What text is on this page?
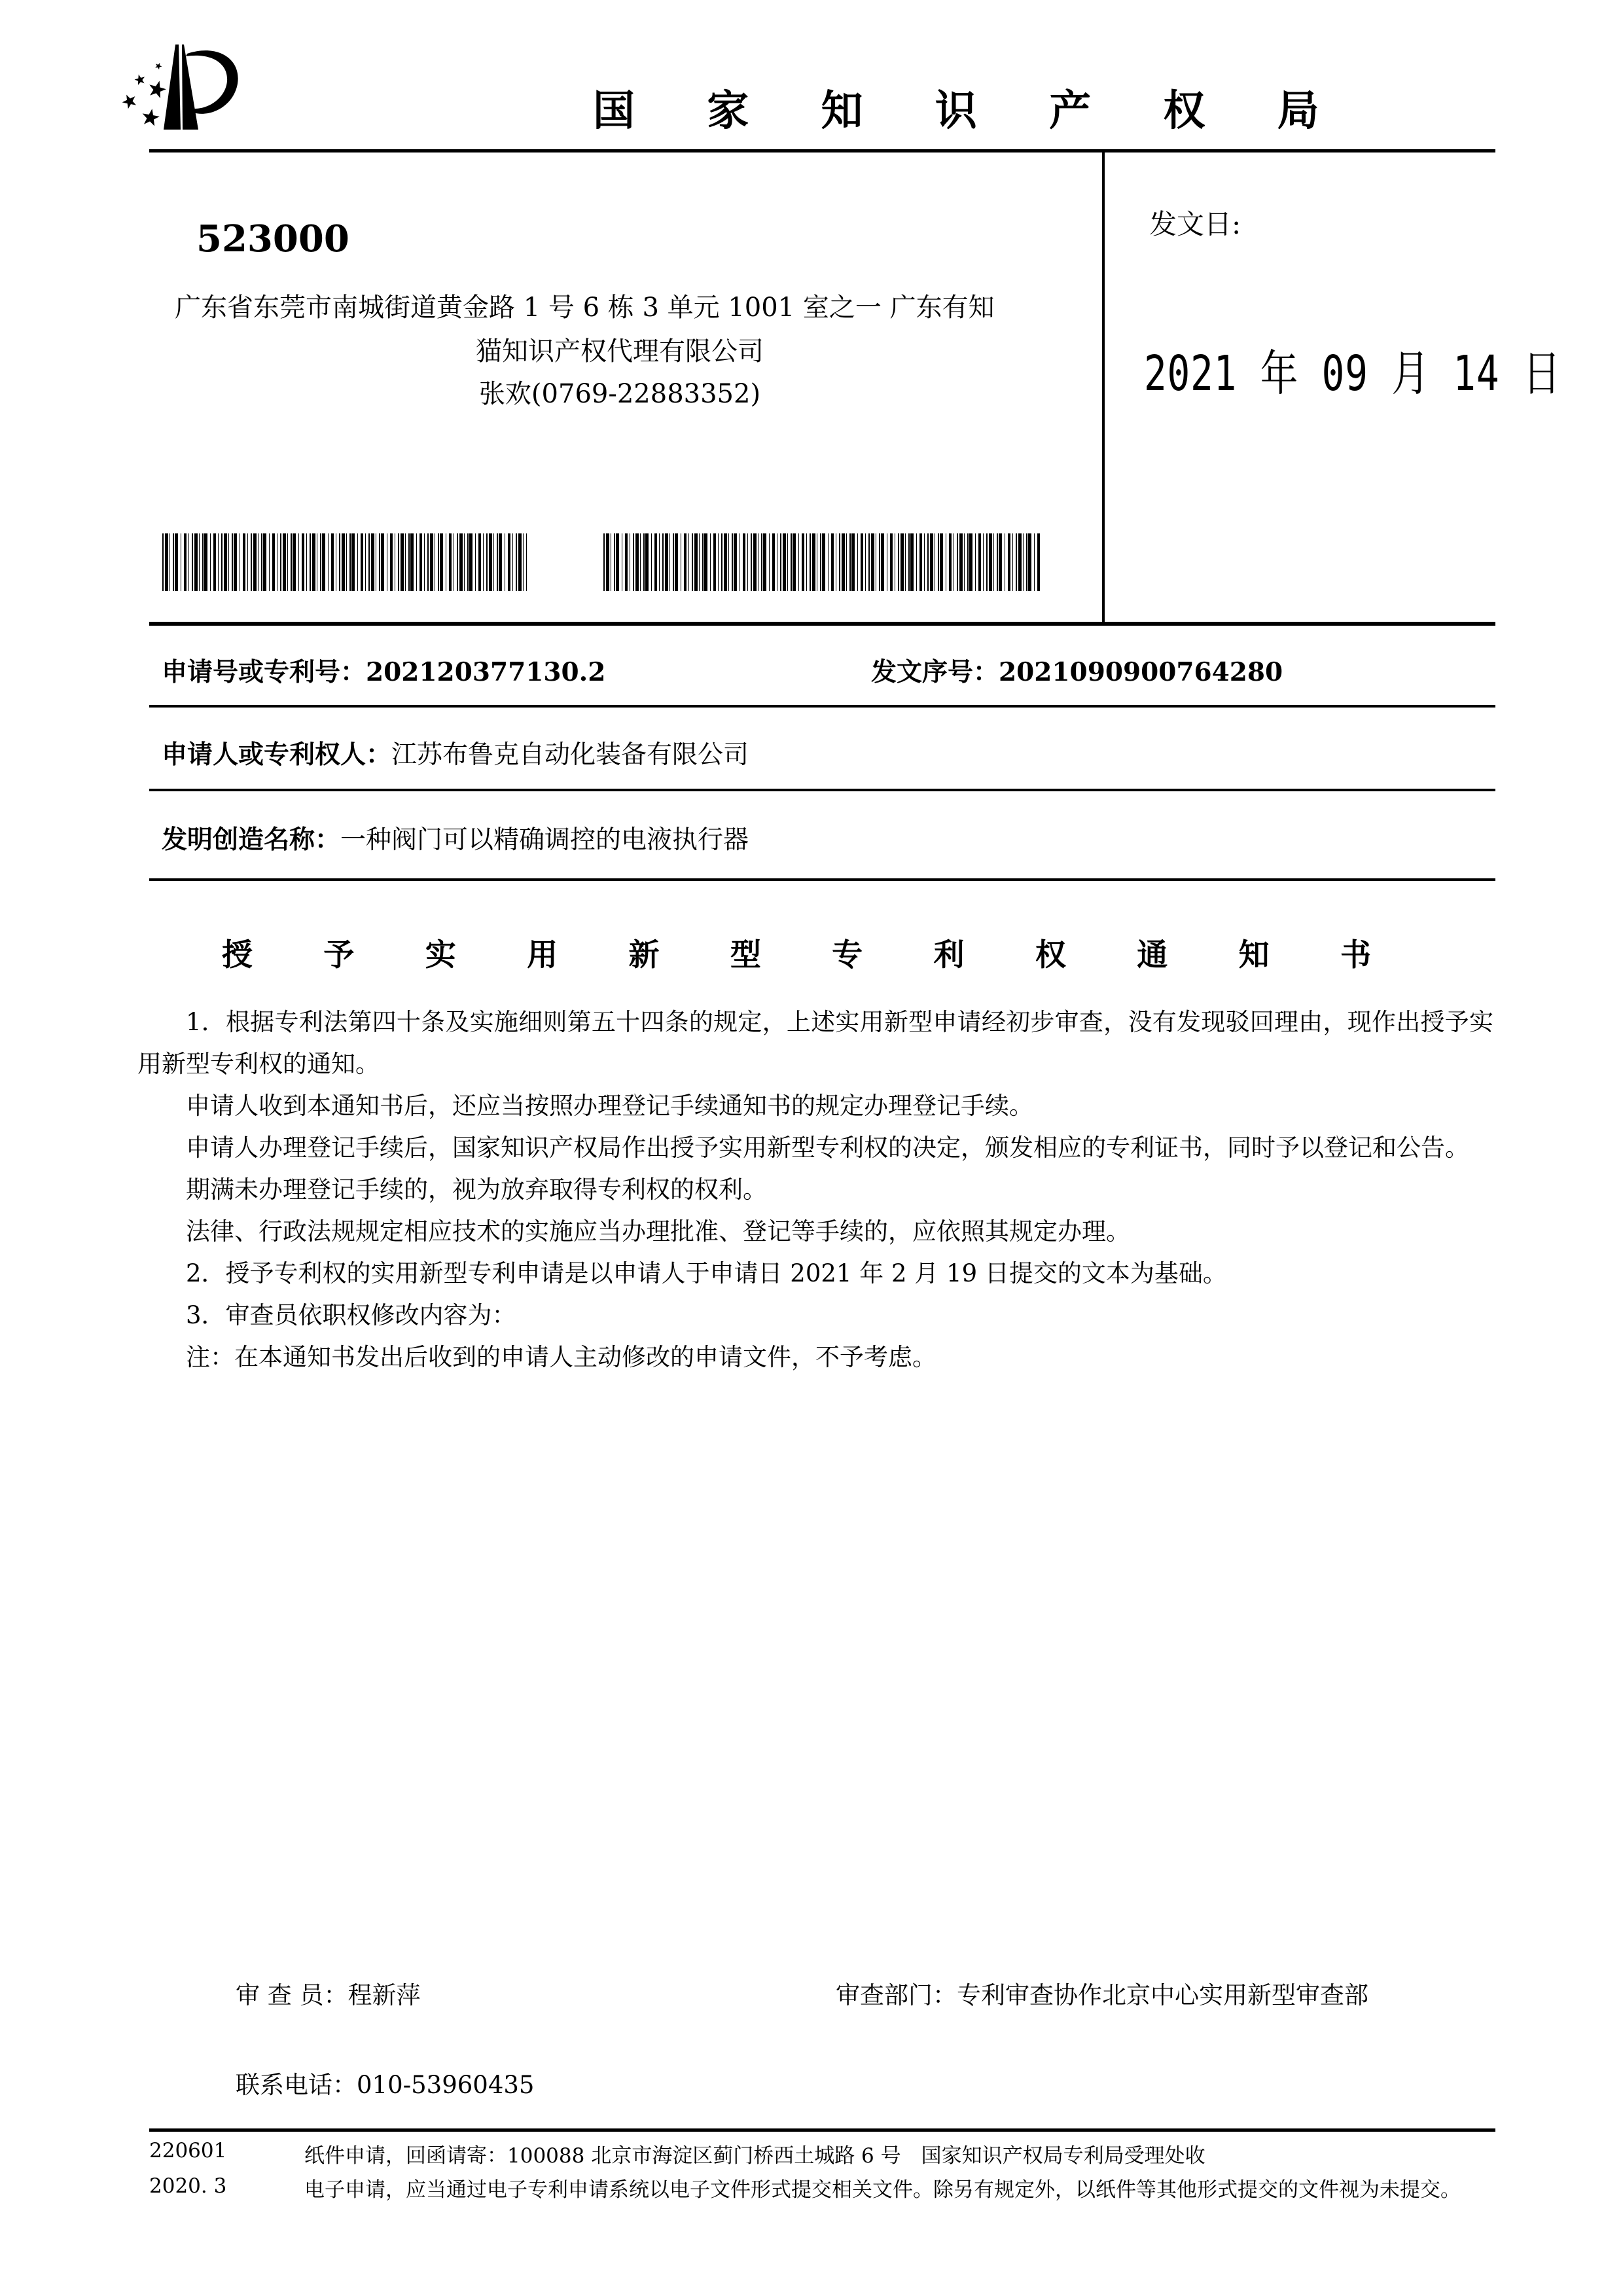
国 家 知 识 产 权 局
523000
广东省东莞市南城街道黄金路 1 号 6 栋 3 单元 1001 室之一 广东有知
猫知识产权代理有限公司
张欢(0769-22883352)
发文日:
2021 年 09 月 14 日
申请号或专利号：202120377130.2	发文序号：2021090900764280
申请人或专利权人：江苏布鲁克自动化装备有限公司
发明创造名称：一种阀门可以精确调控的电液执行器
授 予 实 用 新 型 专 利 权 通 知 书

1．根据专利法第四十条及实施细则第五十四条的规定，上述实用新型申请经初步审查，没有发现驳回理由，现作出授予实用新型专利权的通知。

申请人收到本通知书后，还应当按照办理登记手续通知书的规定办理登记手续。

申请人办理登记手续后，国家知识产权局作出授予实用新型专利权的决定，颁发相应的专利证书，同时予以登记和公告。

期满未办理登记手续的，视为放弃取得专利权的权利。

法律、行政法规规定相应技术的实施应当办理批准、登记等手续的，应依照其规定办理。

2．授予专利权的实用新型专利申请是以申请人于申请日 2021 年 2 月 19 日提交的文本为基础。

3．审查员依职权修改内容为：

注：在本通知书发出后收到的申请人主动修改的申请文件，不予考虑。

审 查 员：程新萍	审查部门：专利审查协作北京中心实用新型审查部
联系电话：010-53960435
220601
2020. 3
纸件申请，回函请寄：100088 北京市海淀区蓟门桥西土城路 6 号　国家知识产权局专利局受理处收
电子申请，应当通过电子专利申请系统以电子文件形式提交相关文件。除另有规定外，以纸件等其他形式提交的文件视为未提交。
